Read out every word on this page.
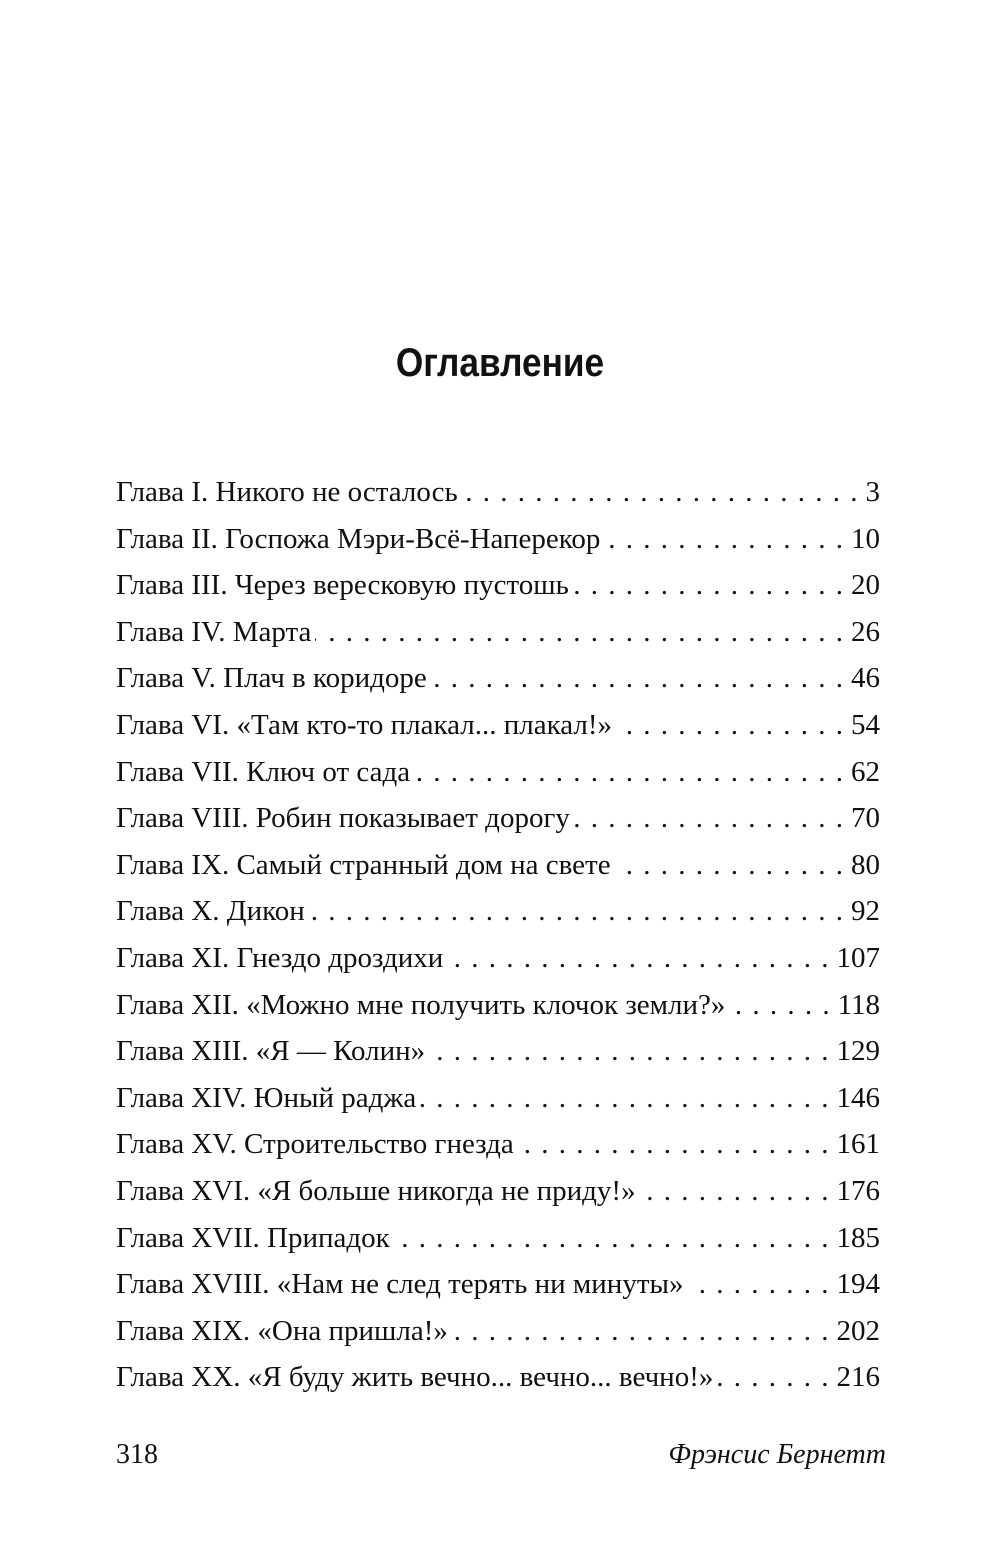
Оглавление
Глава I. Никого не осталось . . .	3
Глава II. Госпожа Мэри-Всё-Наперекор . . .	10
Глава III. Через вересковую пустошь . . .	20
Глава IV. Марта . . .	26
Глава V. Плач в коридоре . . .	46
Глава VI. «Там кто-то плакал... плакал!» . . .	54
Глава VII. Ключ от сада . . .	62
Глава VIII. Робин показывает дорогу . . .	70
Глава IX. Самый странный дом на свете . . .	80
Глава X. Дикон . . .	92
Глава XI. Гнездо дроздихи . . .	107
Глава XII. «Можно мне получить клочок земли?» . . .	118
Глава XIII. «Я — Колин» . . .	129
Глава XIV. Юный раджа . . .	146
Глава XV. Строительство гнезда . . .	161
Глава XVI. «Я больше никогда не приду!» . . .	176
Глава XVII. Припадок . . .	185
Глава XVIII. «Нам не след терять ни минуты» . . .	194
Глава XIX. «Она пришла!» . . .	202
Глава XX. «Я буду жить вечно... вечно... вечно!» . . .	216
318	Фрэнсис Бернетт
